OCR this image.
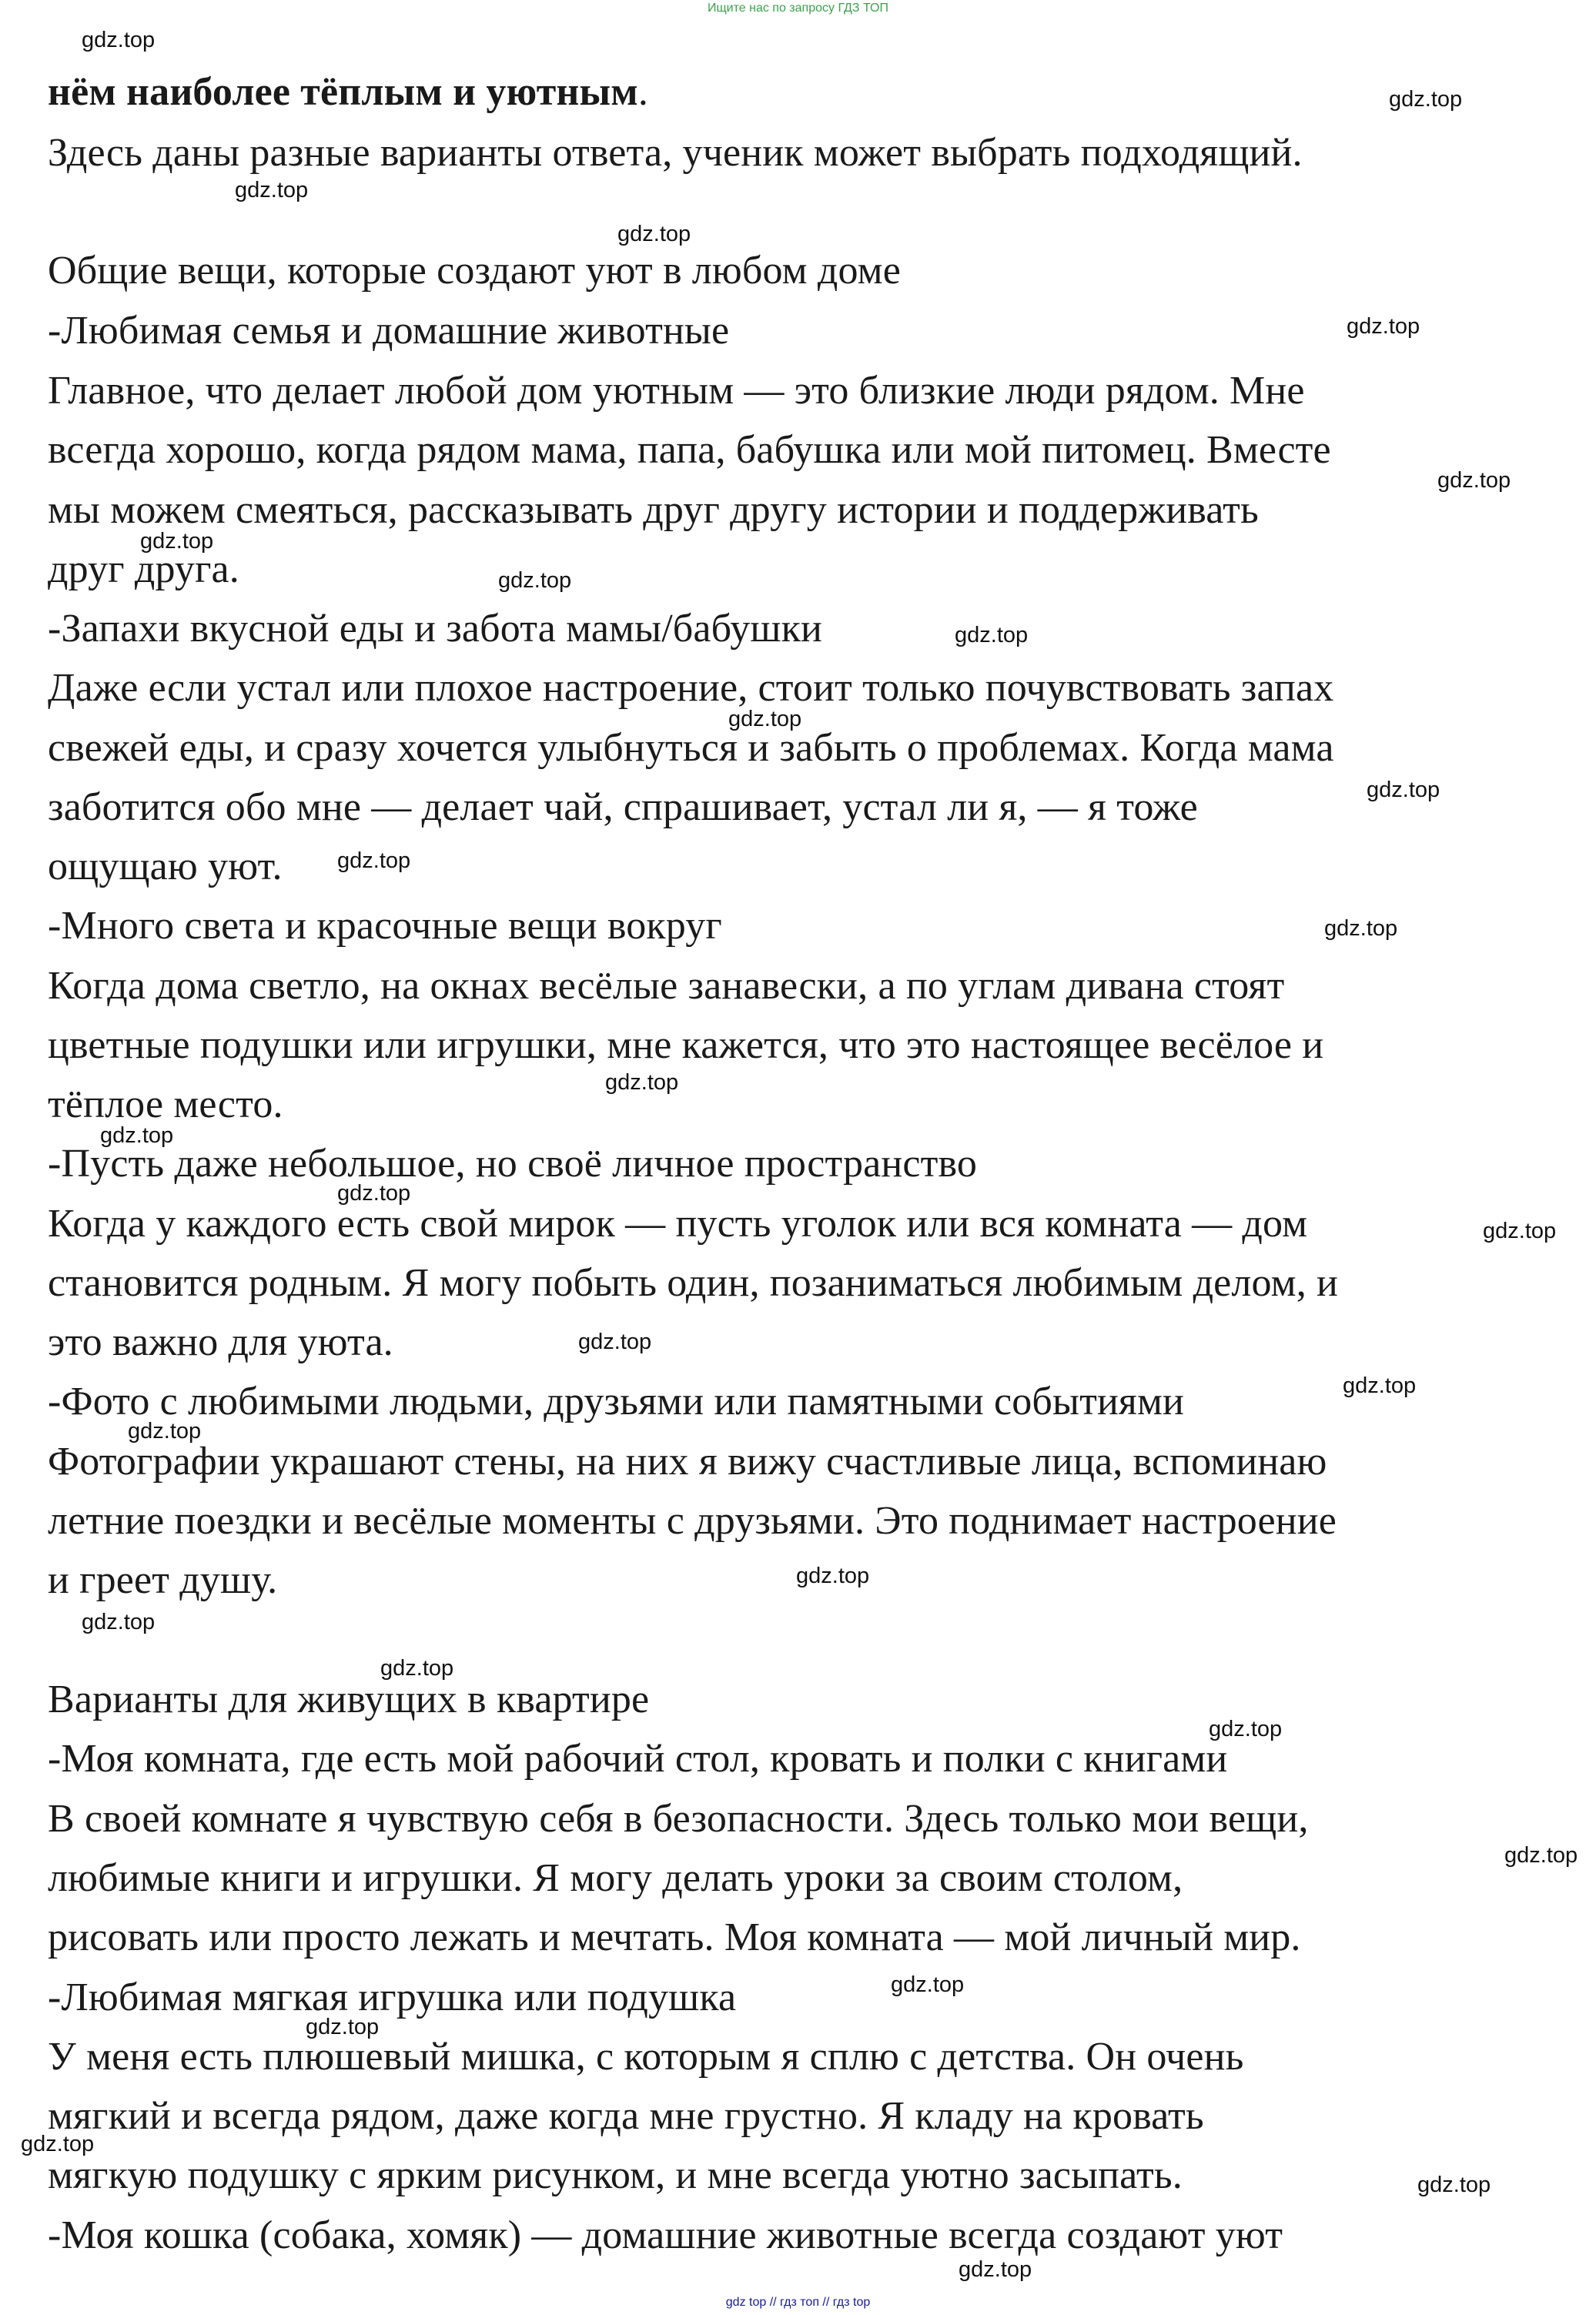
Ищите нас по запросу ГДЗ ТОП
нём наиболее тёплым и уютным.
Здесь даны разные варианты ответа, ученик может выбрать подходящий.
Общие вещи, которые создают уют в любом доме
-Любимая семья и домашние животные
Главное, что делает любой дом уютным — это близкие люди рядом. Мне
всегда хорошо, когда рядом мама, папа, бабушка или мой питомец. Вместе
мы можем смеяться, рассказывать друг другу истории и поддерживать
друг друга.
-Запахи вкусной еды и забота мамы/бабушки
Даже если устал или плохое настроение, стоит только почувствовать запах
свежей еды, и сразу хочется улыбнуться и забыть о проблемах. Когда мама
заботится обо мне — делает чай, спрашивает, устал ли я, — я тоже
ощущаю уют.
-Много света и красочные вещи вокруг
Когда дома светло, на окнах весёлые занавески, а по углам дивана стоят
цветные подушки или игрушки, мне кажется, что это настоящее весёлое и
тёплое место.
-Пусть даже небольшое, но своё личное пространство
Когда у каждого есть свой мирок — пусть уголок или вся комната — дом
становится родным. Я могу побыть один, позаниматься любимым делом, и
это важно для уюта.
-Фото с любимыми людьми, друзьями или памятными событиями
Фотографии украшают стены, на них я вижу счастливые лица, вспоминаю
летние поездки и весёлые моменты с друзьями. Это поднимает настроение
и греет душу.
Варианты для живущих в квартире
-Моя комната, где есть мой рабочий стол, кровать и полки с книгами
В своей комнате я чувствую себя в безопасности. Здесь только мои вещи,
любимые книги и игрушки. Я могу делать уроки за своим столом,
рисовать или просто лежать и мечтать. Моя комната — мой личный мир.
-Любимая мягкая игрушка или подушка
У меня есть плюшевый мишка, с которым я сплю с детства. Он очень
мягкий и всегда рядом, даже когда мне грустно. Я кладу на кровать
мягкую подушку с ярким рисунком, и мне всегда уютно засыпать.
-Моя кошка (собака, хомяк) — домашние животные всегда создают уют
gdz.top
gdz.top
gdz.top
gdz.top
gdz.top
gdz.top
gdz.top
gdz.top
gdz.top
gdz.top
gdz.top
gdz.top
gdz.top
gdz.top
gdz.top
gdz.top
gdz.top
gdz.top
gdz.top
gdz.top
gdz.top
gdz.top
gdz.top
gdz.top
gdz.top
gdz.top
gdz.top
gdz.top
gdz.top
gdz.top
gdz top // гдз топ // гдз top
